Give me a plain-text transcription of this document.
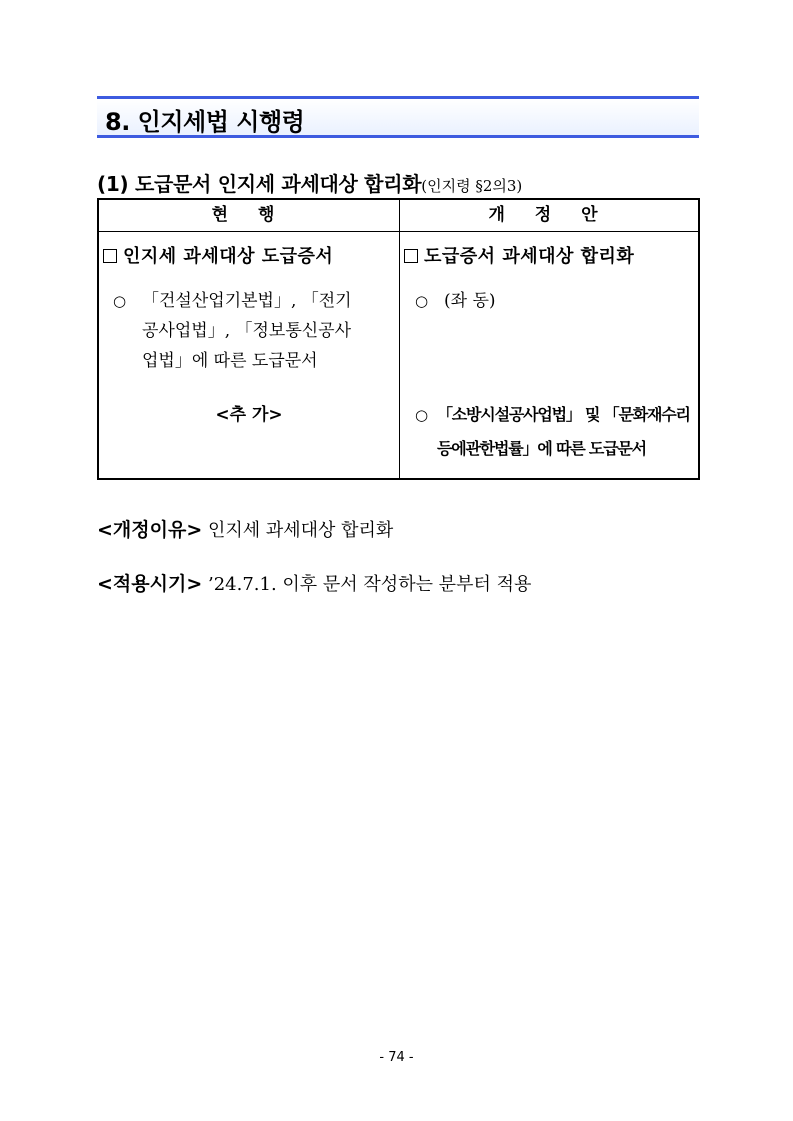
8. 인지세법 시행령
(1) 도급문서 인지세 과세대상 합리화(인지령 §2의3)
현 행	개 정 안
인지세 과세대상 도급증서
○ 「건설산업기본법」, 「전기
공사업법」, 「정보통신공사
업법」에 따른 도급문서
<추 가>
도급증서 과세대상 합리화
○ (좌 동)
○ 「소방시설공사업법」 및 「문화재수리
등에관한법률」에 따른 도급문서
<개정이유> 인지세 과세대상 합리화
<적용시기> ’24.7.1. 이후 문서 작성하는 분부터 적용
- 74 -
